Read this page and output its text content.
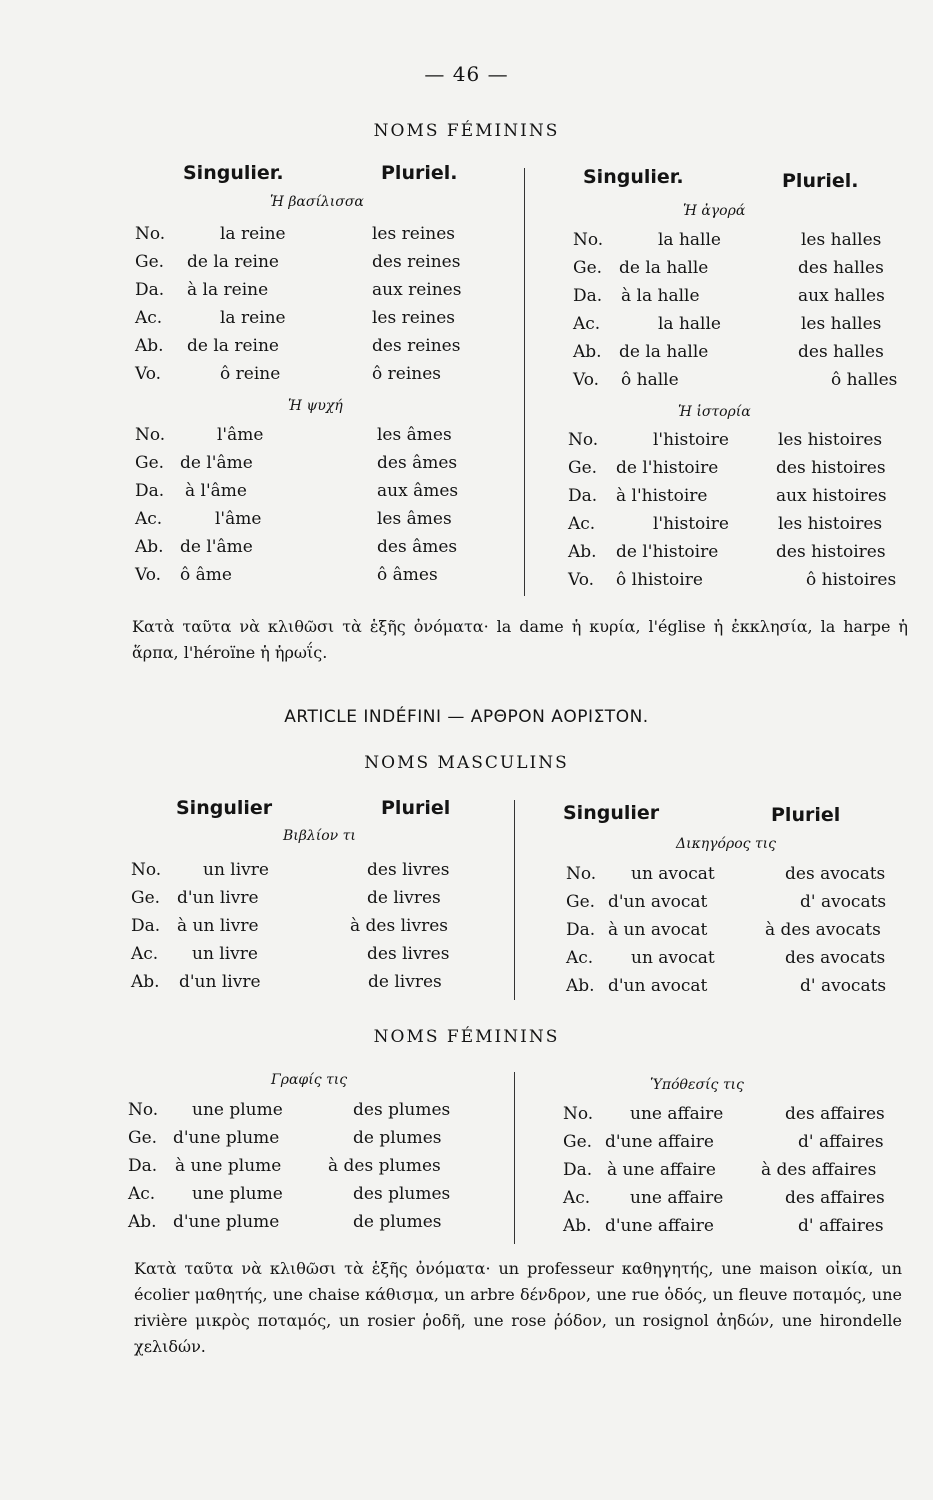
— 46 —
NOMS FÉMININS
Singulier.	Pluriel.	Singulier.	Pluriel.
Ἡ βασίλισσα
No.	la reine	les reines
Ge. de la reine	des reines
Da. à la reine	aux reines
Ac.	la reine	les reines
Ab. de la reine	des reines
Vo.	ô reine	ô reines
Ἡ ψυχή
No.	l'âme	les âmes
Ge. de l'âme	des âmes
Da. à l'âme	aux âmes
Ac.	l'âme	les âmes
Ab. de l'âme	des âmes
Vo. ô âme	ô âmes
Ἡ ἀγορά
No.	la halle	les halles
Ge. de la halle	des halles
Da. à la halle	aux halles
Ac.	la halle	les halles
Ab. de la halle	des halles
Vo. ô halle	ô halles
Ἡ ἱστορία
No.	l'histoire	les histoires
Ge. de l'histoire	des histoires
Da. à l'histoire	aux histoires
Ac.	l'histoire	les histoires
Ab. de l'histoire	des histoires
Vo. ô lhistoire	ô histoires
Κατὰ ταῦτα νὰ κλιθῶσι τὰ ἑξῆς ὀνόματα· la dame ἡ κυρία, l'église ἡ ἐκκλησία, la harpe ἡ ἅρπα, l'héroïne ἡ ἡρωΐς.
ARTICLE INDÉFINI — ΑΡΘΡΟΝ ΑΟΡΙΣΤΟΝ.
NOMS MASCULINS
Singulier	Pluriel	Singulier	Pluriel
Βιβλίον τι
No. un livre	des livres
Ge. d'un livre	de livres
Da. à un livre	à des livres
Ac. un livre	des livres
Ab. d'un livre	de livres
Δικηγόρος τις
No. un avocat	des avocats
Ge. d'un avocat	d' avocats
Da. à un avocat	à des avocats
Ac. un avocat	des avocats
Ab. d'un avocat	d' avocats
NOMS FÉMININS
Γραφίς τις
No. une plume	des plumes
Ge. d'une plume	de plumes
Da. à une plume	à des plumes
Ac. une plume	des plumes
Ab. d'une plume	de plumes
Ὑπόθεσίς τις
No. une affaire	des affaires
Ge. d'une affaire	d' affaires
Da. à une affaire	à des affaires
Ac. une affaire	des affaires
Ab. d'une affaire	d' affaires
Κατὰ ταῦτα νὰ κλιθῶσι τὰ ἑξῆς ὀνόματα· un professeur καθηγητής, une maison οἰκία, un écolier μαθητής, une chaise κάθισμα, un arbre δένδρον, une rue ὁδός, un fleuve ποταμός, une rivière μικρὸς ποταμός, un rosier ῥοδῆ, une rose ῥόδον, un rosignol ἀηδών, une hirondelle χελιδών.
